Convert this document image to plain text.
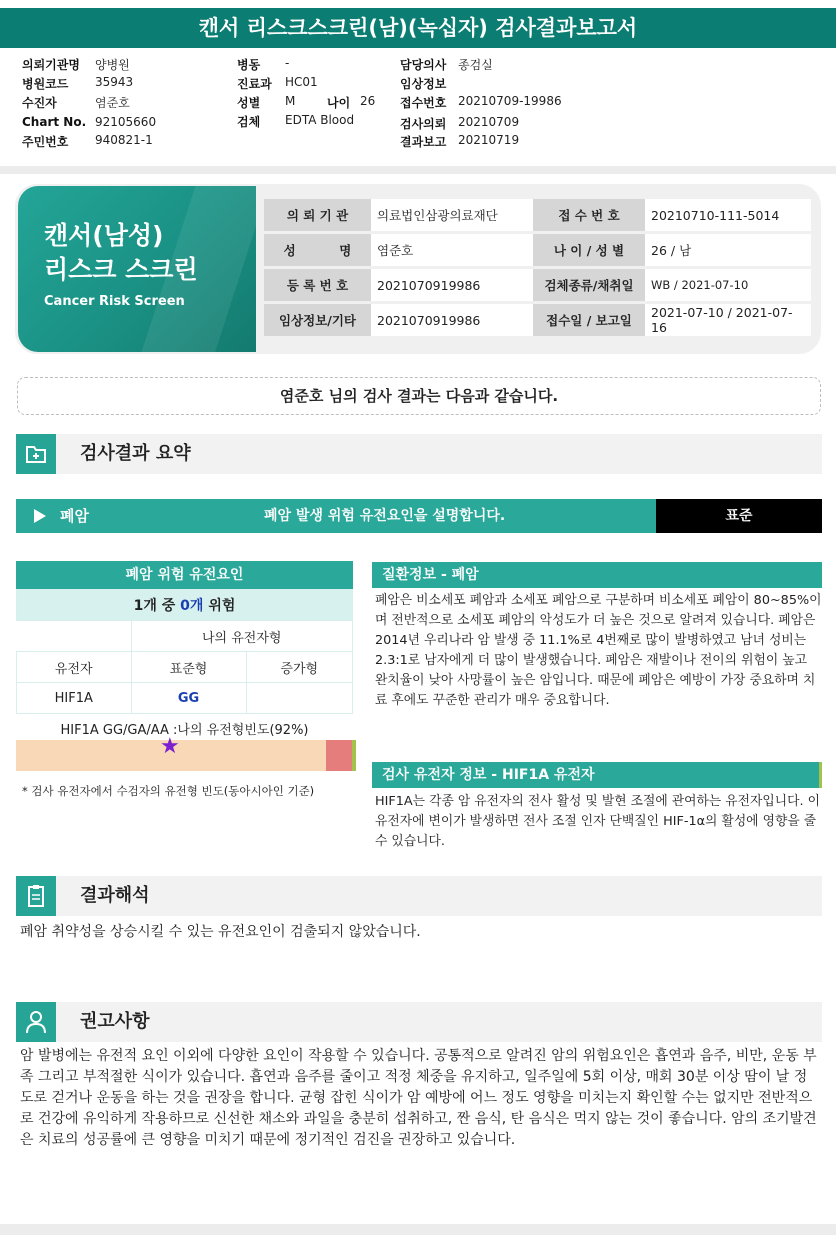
캔서 리스크스크린(남)(녹십자) 검사결과보고서
의뢰기관명 양병원
병원코드 35943
수진자	염준호
Chart No. 92105660
주민번호 940821-1
병동 -
진료과 HC01
성별 M
검체 EDTA Blood
나이 26
담당의사 종검실
임상정보
접수번호 20210709-19986
검사의뢰 20210709
결과보고 20210719
캔서(남성)
리스크 스크린
Cancer Risk Screen
의 뢰 기 관	의료법인삼광의료재단	접 수 번 호	20210710-111-5014
성          명	염준호	나 이 / 성 별	26 / 남
등 록 번 호	2021070919986	검체종류/채취일	WB / 2021-07-10
임상정보/기타	2021070919986	접수일 / 보고일	2021-07-10 / 2021-07-16
염준호 님의 검사 결과는 다음과 같습니다.
검사결과 요약
폐암	폐암 발생 위험 유전요인을 설명합니다.	표준
폐암 위험 유전요인
1개 중 0개 위험		
	나의 유전자형	
유전자	표준형	증가형
HIF1A	GG	
HIF1A GG/GA/AA :나의 유전형빈도(92%)
★
* 검사 유전자에서 수검자의 유전형 빈도(동아시아인 기준)
질환정보 - 폐암
폐암은 비소세포 폐암과 소세포 폐암으로 구분하며 비소세포 폐암이 80~85%이며 전반적으로 소세포 폐암의 악성도가 더 높은 것으로 알려져 있습니다. 폐암은 2014년 우리나라 암 발생 중 11.1%로 4번째로 많이 발병하였고 남녀 성비는 2.3:1로 남자에게 더 많이 발생했습니다. 폐암은 재발이나 전이의 위험이 높고 완치율이 낮아 사망률이 높은 암입니다. 때문에 폐암은 예방이 가장 중요하며 치료 후에도 꾸준한 관리가 매우 중요합니다.
검사 유전자 정보 - HIF1A 유전자
HIF1A는 각종 암 유전자의 전사 활성 및 발현 조절에 관여하는 유전자입니다. 이 유전자에 변이가 발생하면 전사 조절 인자 단백질인 HIF-1α의 활성에 영향을 줄 수 있습니다.
결과해석
폐암 취약성을 상승시킬 수 있는 유전요인이 검출되지 않았습니다.
권고사항
암 발병에는 유전적 요인 이외에 다양한 요인이 작용할 수 있습니다. 공통적으로 알려진 암의 위험요인은 흡연과 음주, 비만, 운동 부족 그리고 부적절한 식이가 있습니다. 흡연과 음주를 줄이고 적정 체중을 유지하고, 일주일에 5회 이상, 매회 30분 이상 땀이 날 정도로 걷거나 운동을 하는 것을 권장을 합니다. 균형 잡힌 식이가 암 예방에 어느 정도 영향을 미치는지 확인할 수는 없지만 전반적으로 건강에 유익하게 작용하므로 신선한 채소와 과일을 충분히 섭취하고, 짠 음식, 탄 음식은 먹지 않는 것이 좋습니다. 암의 조기발견은 치료의 성공률에 큰 영향을 미치기 때문에 정기적인 검진을 권장하고 있습니다.
